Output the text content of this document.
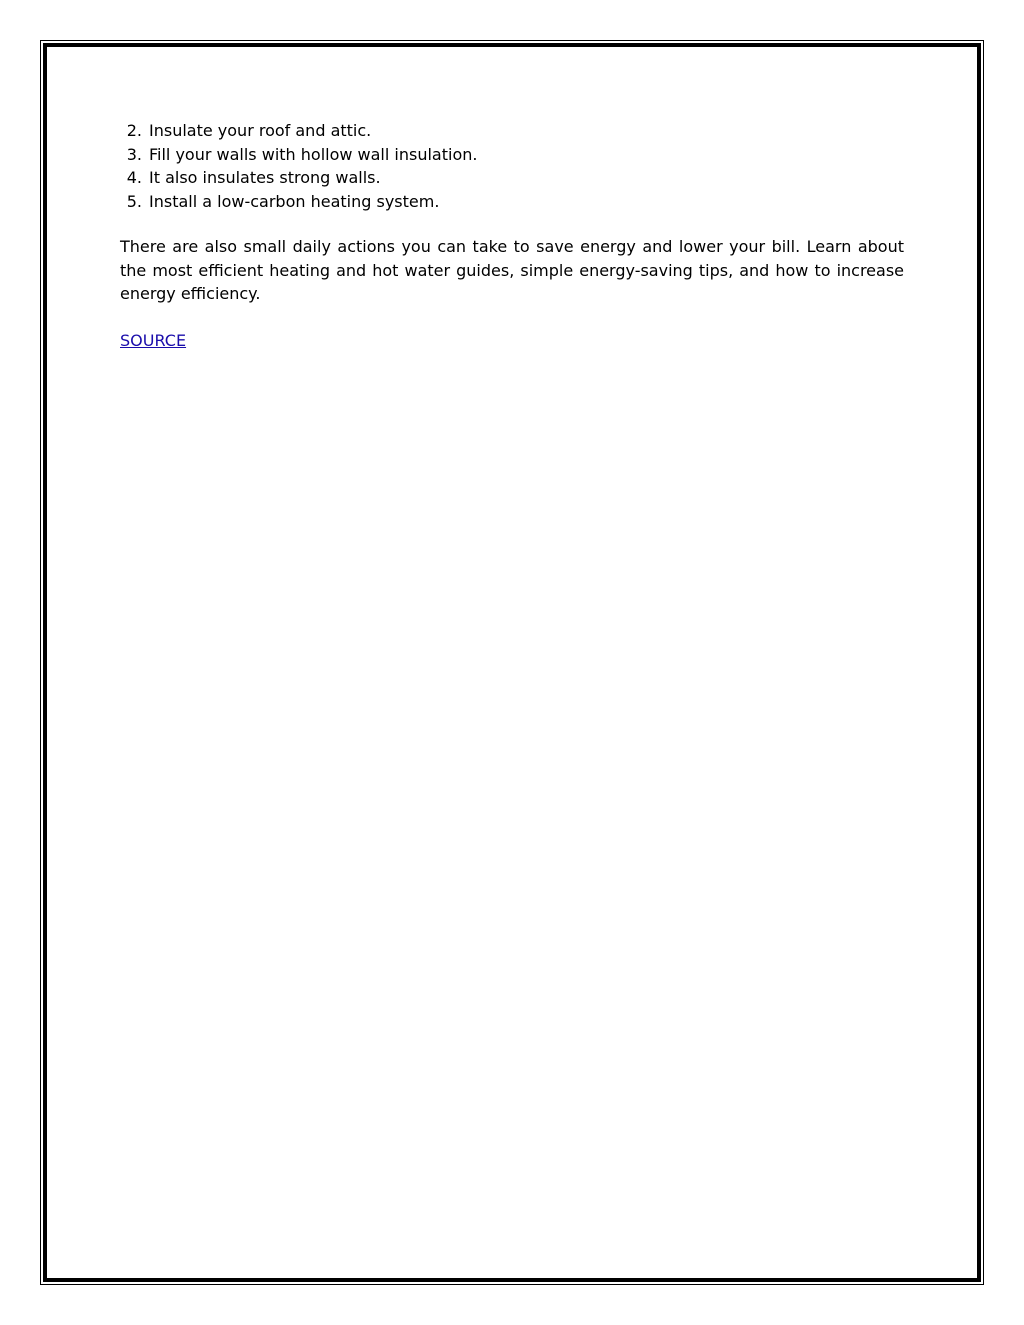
2. Insulate your roof and attic.
3. Fill your walls with hollow wall insulation.
4. It also insulates strong walls.
5. Install a low-carbon heating system.

There are also small daily actions you can take to save energy and lower your bill. Learn about the most efficient heating and hot water guides, simple energy-saving tips, and how to increase energy efficiency.

SOURCE
